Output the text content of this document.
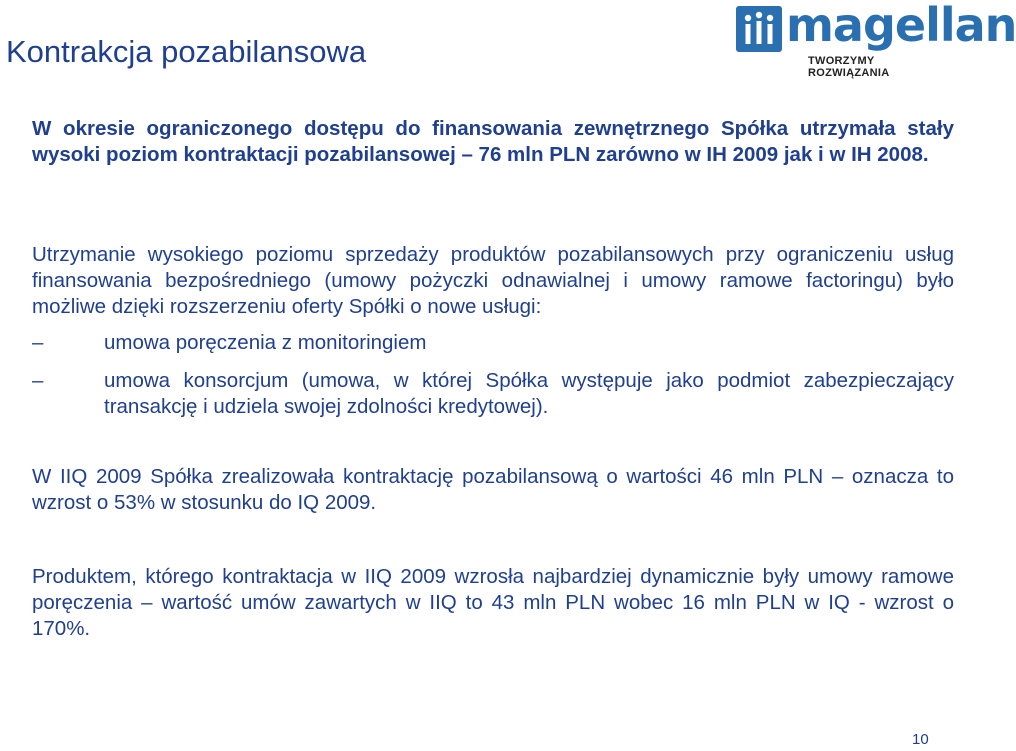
Kontrakcja pozabilansowa	magellan
TWORZYMY ROZWIĄZANIA

W okresie ograniczonego dostępu do finansowania zewnętrznego Spółka utrzymała stały wysoki poziom kontraktacji pozabilansowej – 76 mln PLN zarówno w IH 2009 jak i w IH 2008.

Utrzymanie wysokiego poziomu sprzedaży produktów pozabilansowych przy ograniczeniu usług finansowania bezpośredniego (umowy pożyczki odnawialnej i umowy ramowe factoringu) było możliwe dzięki rozszerzeniu oferty Spółki o nowe usługi:

–	umowa poręczenia z monitoringiem

–	umowa konsorcjum (umowa, w której Spółka występuje jako podmiot zabezpieczający transakcję i udziela swojej zdolności kredytowej).

W IIQ 2009 Spółka zrealizowała kontraktację pozabilansową o wartości 46 mln PLN – oznacza to wzrost o 53% w stosunku do IQ 2009.

Produktem, którego kontraktacja w IIQ 2009 wzrosła najbardziej dynamicznie były umowy ramowe poręczenia – wartość umów zawartych w IIQ to 43 mln PLN wobec 16 mln PLN w IQ - wzrost o 170%.

10
